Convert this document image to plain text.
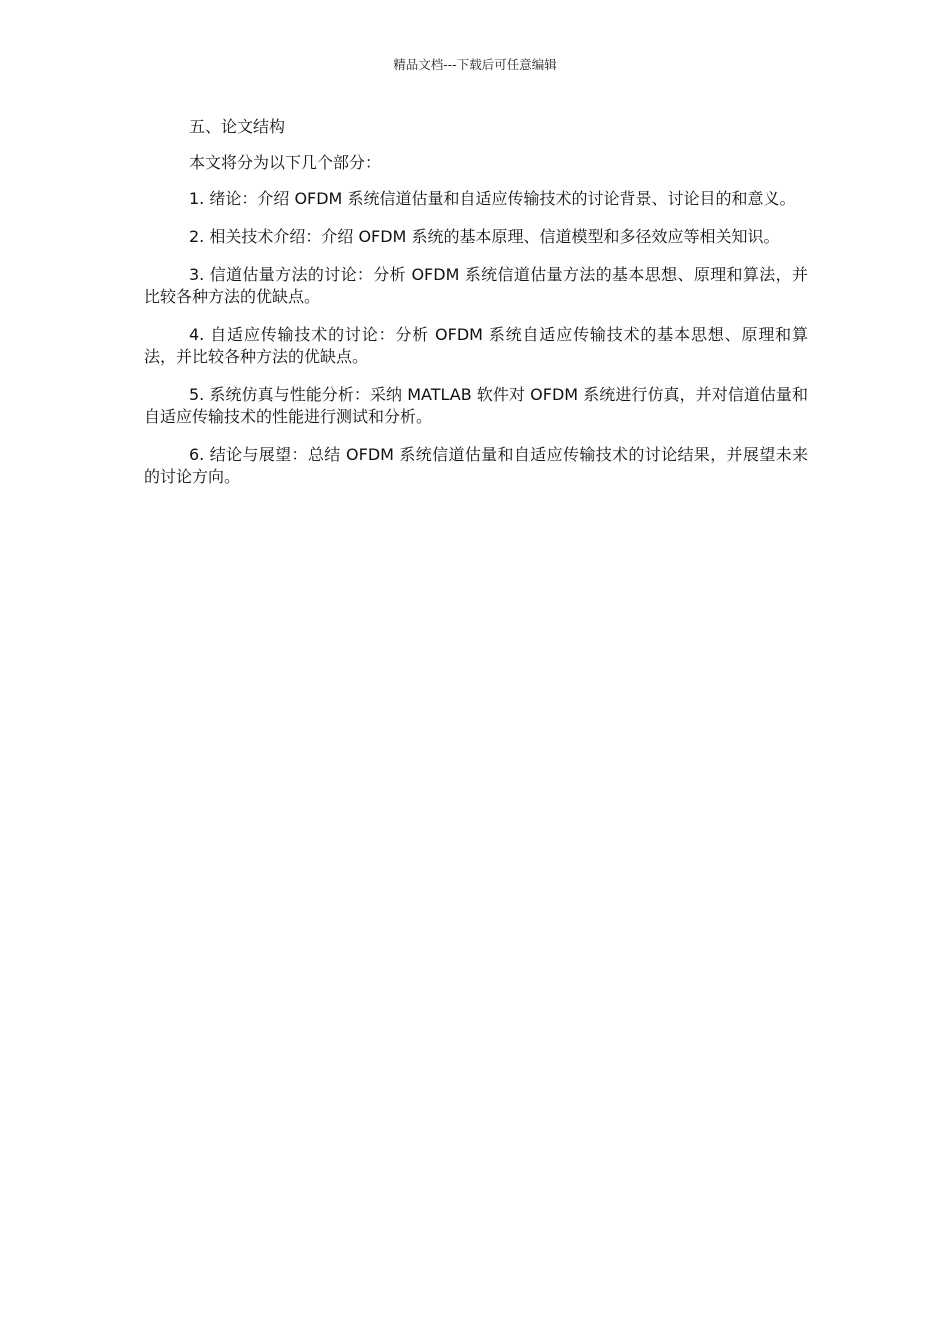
精品文档---下载后可任意编辑
五、论文结构

本文将分为以下几个部分：

1. 绪论：介绍 OFDM 系统信道估量和自适应传输技术的讨论背景、讨论目的和意义。

2. 相关技术介绍：介绍 OFDM 系统的基本原理、信道模型和多径效应等相关知识。

3. 信道估量方法的讨论：分析 OFDM 系统信道估量方法的基本思想、原理和算法，并比较各种方法的优缺点。

4. 自适应传输技术的讨论：分析 OFDM 系统自适应传输技术的基本思想、原理和算法，并比较各种方法的优缺点。

5. 系统仿真与性能分析：采纳 MATLAB 软件对 OFDM 系统进行仿真，并对信道估量和自适应传输技术的性能进行测试和分析。

6. 结论与展望：总结 OFDM 系统信道估量和自适应传输技术的讨论结果，并展望未来的讨论方向。
